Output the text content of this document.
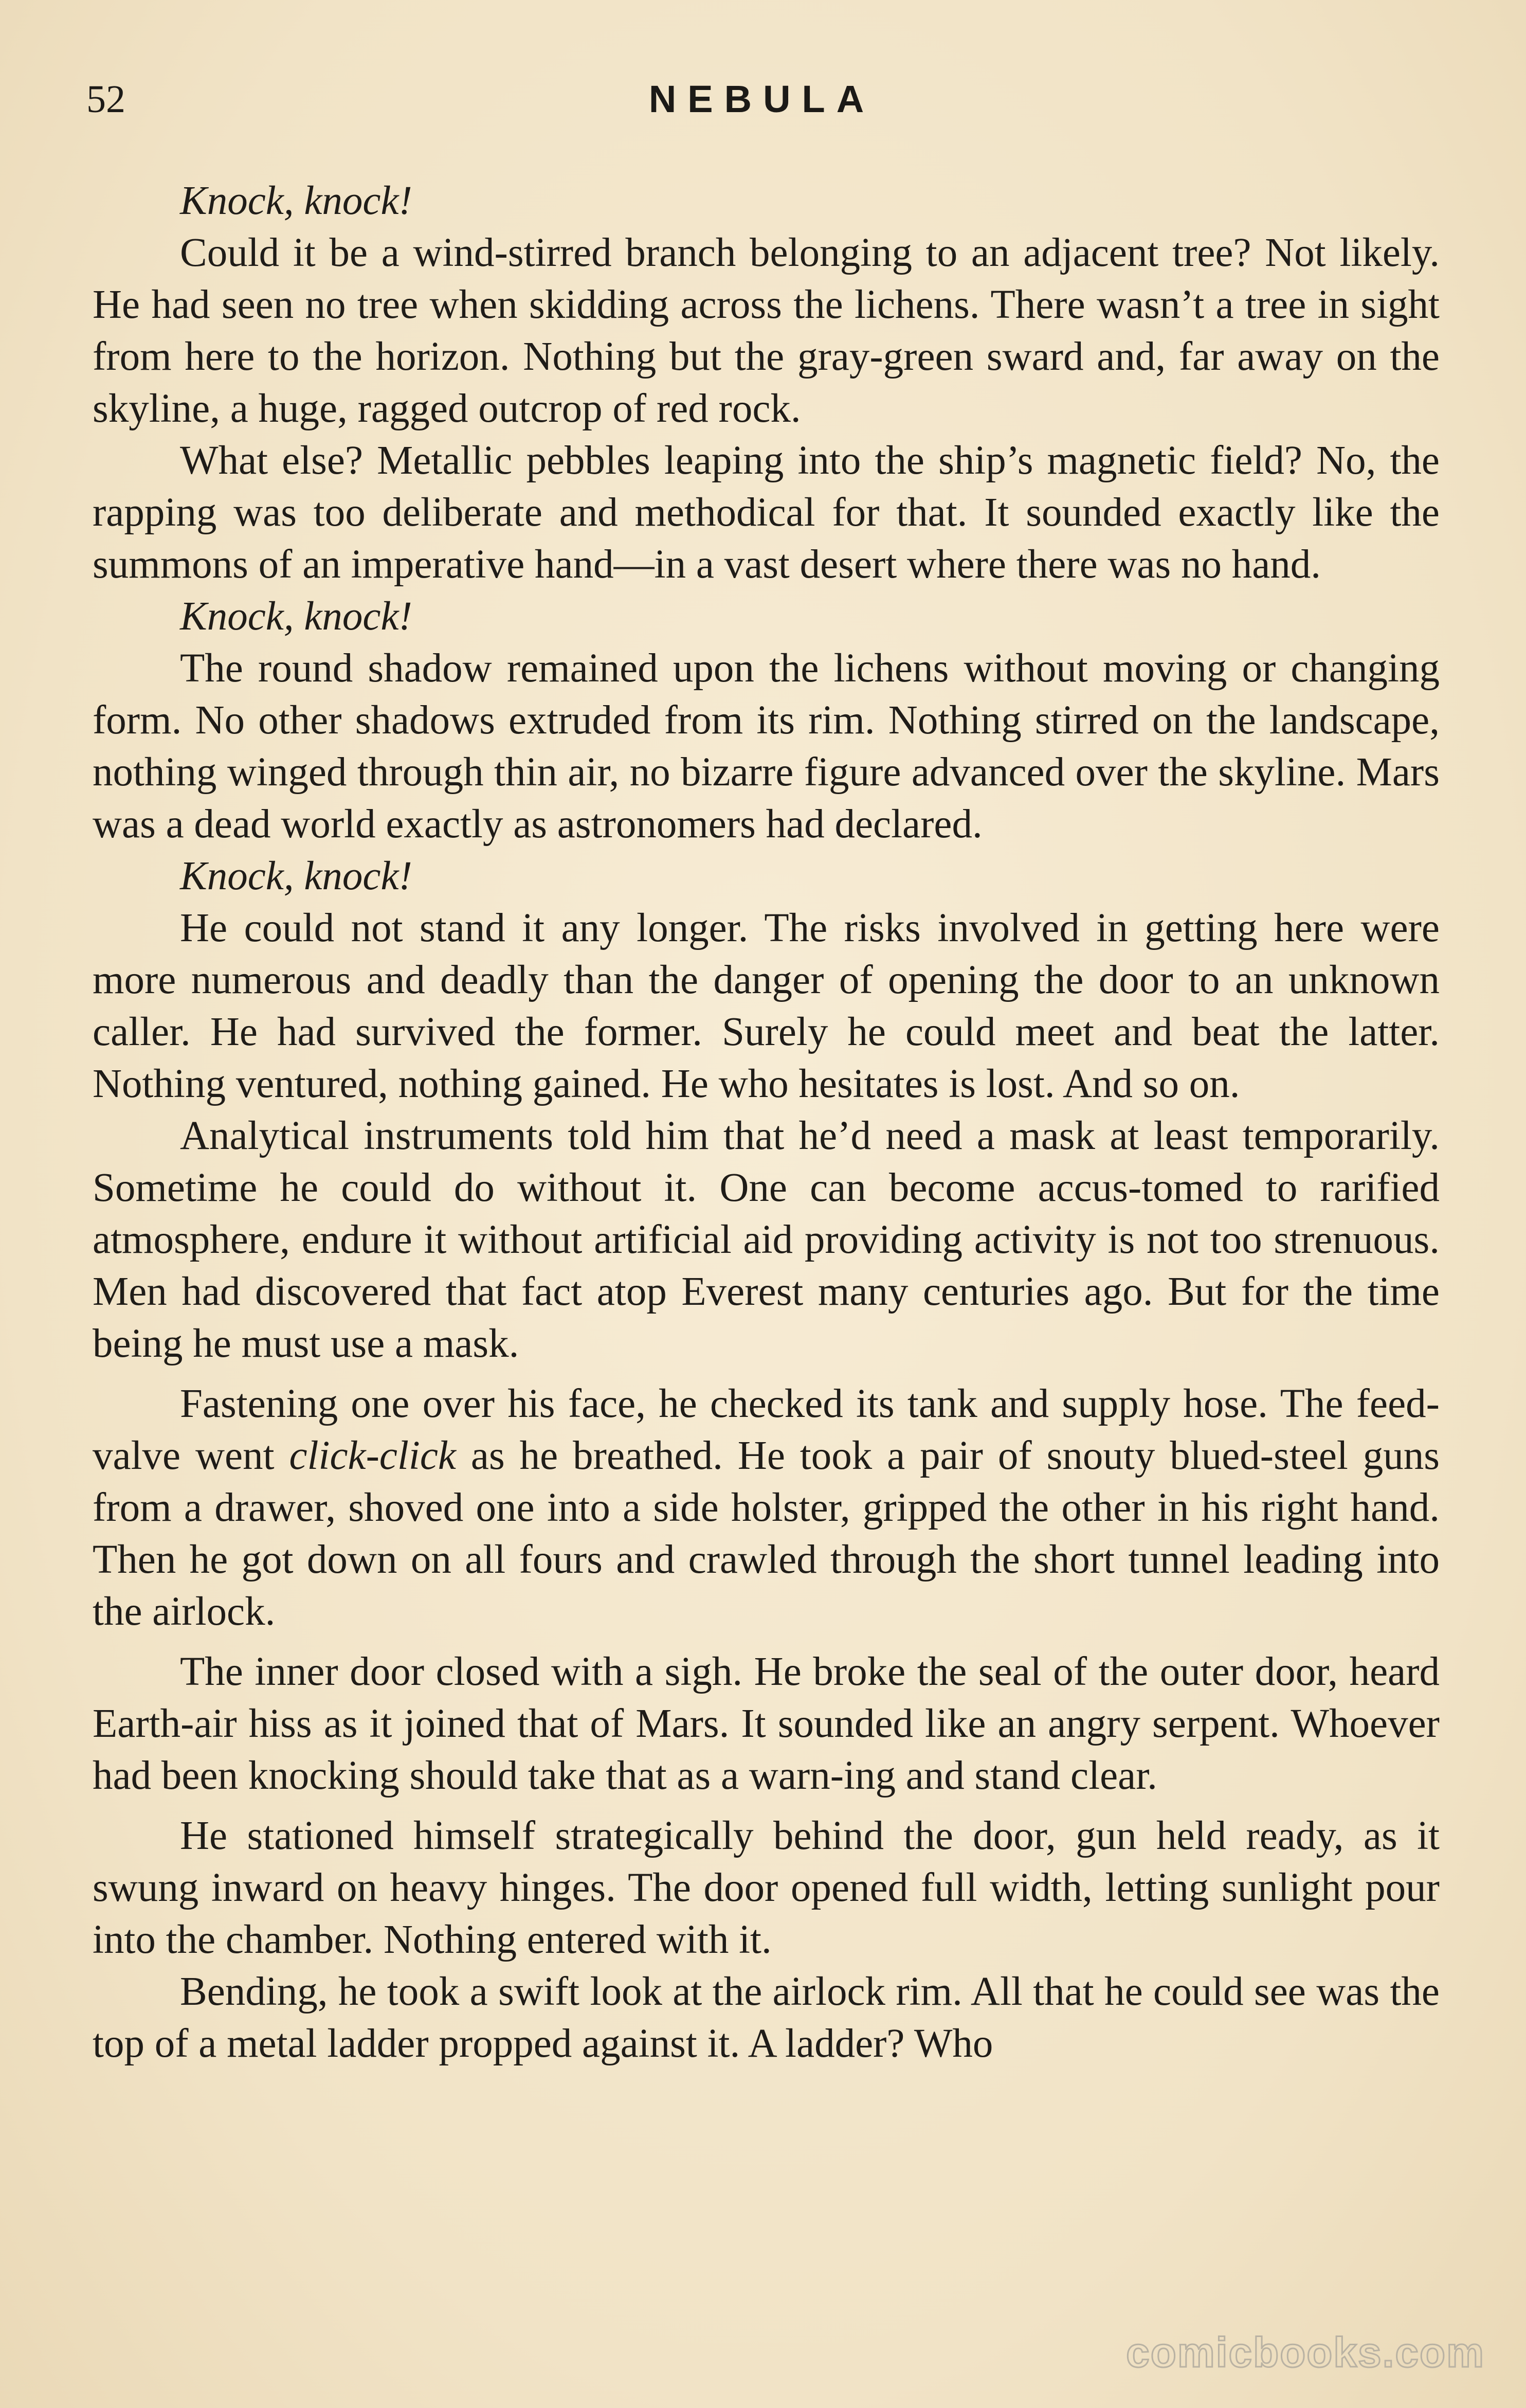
52	NEBULA

Knock, knock!

Could it be a wind-stirred branch belonging to an adjacent tree? Not likely. He had seen no tree when skidding across the lichens. There wasn’t a tree in sight from here to the horizon. Nothing but the gray-green sward and, far away on the skyline, a huge, ragged outcrop of red rock.

What else? Metallic pebbles leaping into the ship’s magnetic field? No, the rapping was too deliberate and methodical for that. It sounded exactly like the summons of an imperative hand—in a vast desert where there was no hand.

Knock, knock!

The round shadow remained upon the lichens without moving or changing form. No other shadows extruded from its rim. Nothing stirred on the landscape, nothing winged through thin air, no bizarre figure advanced over the skyline. Mars was a dead world exactly as astronomers had declared.

Knock, knock!

He could not stand it any longer. The risks involved in getting here were more numerous and deadly than the danger of opening the door to an unknown caller. He had survived the former. Surely he could meet and beat the latter. Nothing ventured, nothing gained. He who hesitates is lost. And so on.

Analytical instruments told him that he’d need a mask at least temporarily. Sometime he could do without it. One can become accus-tomed to rarified atmosphere, endure it without artificial aid providing activity is not too strenuous. Men had discovered that fact atop Everest many centuries ago. But for the time being he must use a mask.

Fastening one over his face, he checked its tank and supply hose. The feed-valve went click-click as he breathed. He took a pair of snouty blued-steel guns from a drawer, shoved one into a side holster, gripped the other in his right hand. Then he got down on all fours and crawled through the short tunnel leading into the airlock.

The inner door closed with a sigh. He broke the seal of the outer door, heard Earth-air hiss as it joined that of Mars. It sounded like an angry serpent. Whoever had been knocking should take that as a warn-ing and stand clear.

He stationed himself strategically behind the door, gun held ready, as it swung inward on heavy hinges. The door opened full width, letting sunlight pour into the chamber. Nothing entered with it.

Bending, he took a swift look at the airlock rim. All that he could see was the top of a metal ladder propped against it. A ladder? Who

comicbooks.com
